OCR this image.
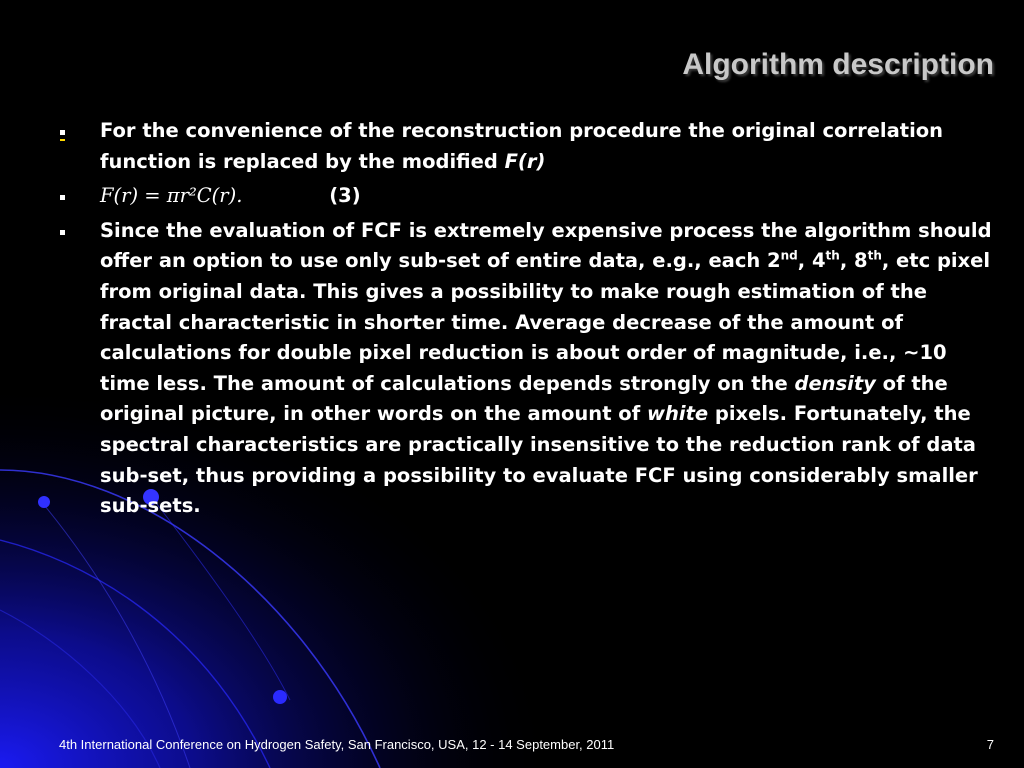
Algorithm description
For the convenience of the reconstruction procedure the original correlation function is replaced by the modified F(r)
F(r) = πr²C(r).	(3)
Since the evaluation of FCF is extremely expensive process the algorithm should offer an option to use only sub-set of entire data, e.g., each 2nd, 4th, 8th, etc pixel from original data. This gives a possibility to make rough estimation of the fractal characteristic in shorter time. Average decrease of the amount of calculations for double pixel reduction is about order of magnitude, i.e., ~10 time less. The amount of calculations depends strongly on the density of the original picture, in other words on the amount of white pixels. Fortunately, the spectral characteristics are practically insensitive to the reduction rank of data sub-set, thus providing a possibility to evaluate FCF using considerably smaller sub-sets.
4th International Conference on Hydrogen Safety, San Francisco, USA, 12 - 14 September, 2011	7
